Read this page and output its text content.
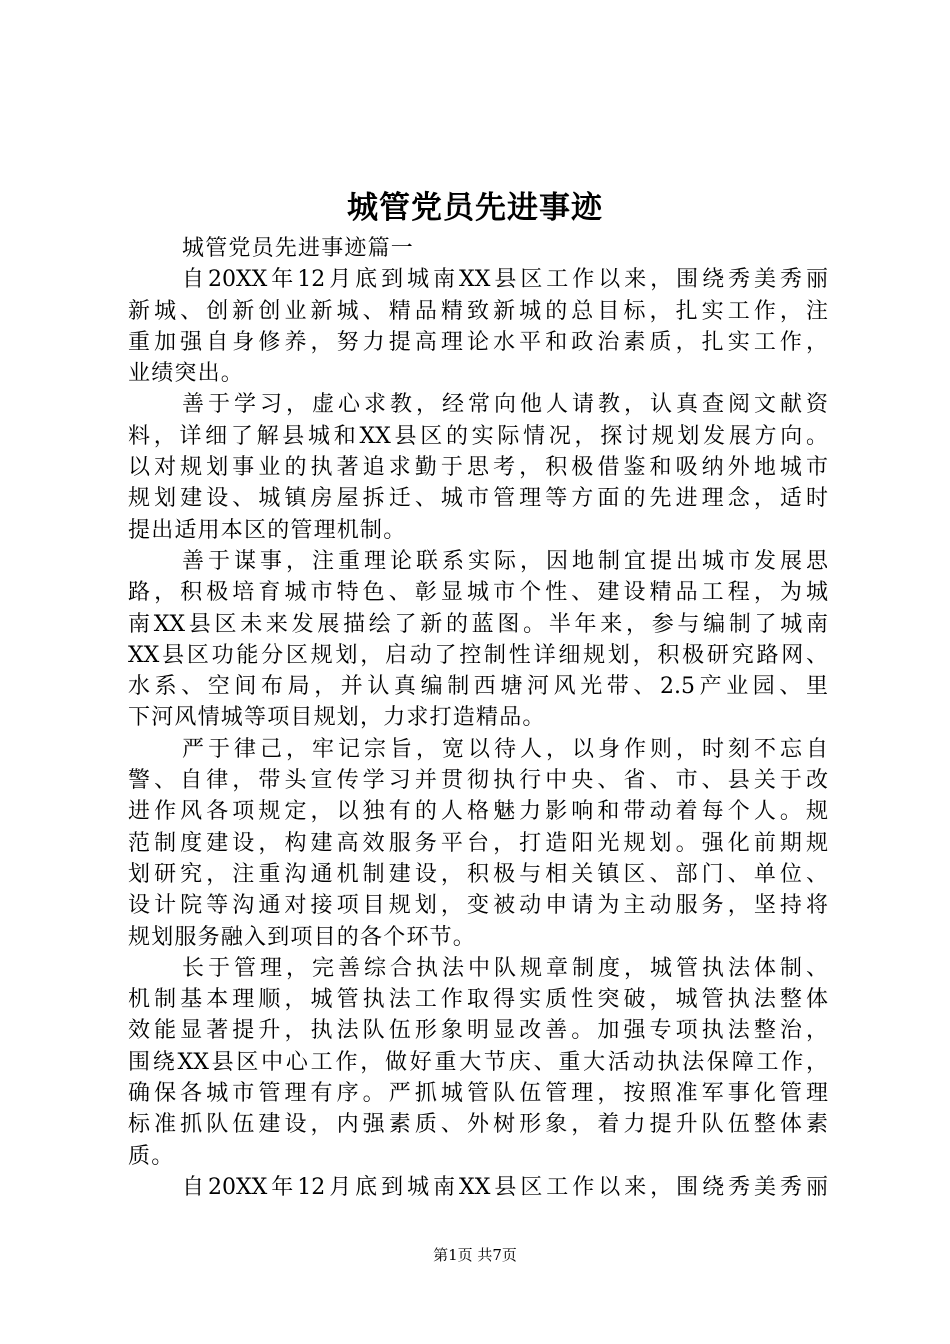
城管党员先进事迹
城管党员先进事迹篇一
自20XX年12月底到城南XX县区工作以来，围绕秀美秀丽
新城、创新创业新城、精品精致新城的总目标，扎实工作，注
重加强自身修养，努力提高理论水平和政治素质，扎实工作，
业绩突出。
善于学习，虚心求教，经常向他人请教，认真查阅文献资
料，详细了解县城和XX县区的实际情况，探讨规划发展方向。
以对规划事业的执著追求勤于思考，积极借鉴和吸纳外地城市
规划建设、城镇房屋拆迁、城市管理等方面的先进理念，适时
提出适用本区的管理机制。
善于谋事，注重理论联系实际，因地制宜提出城市发展思
路，积极培育城市特色、彰显城市个性、建设精品工程，为城
南XX县区未来发展描绘了新的蓝图。半年来，参与编制了城南
XX县区功能分区规划，启动了控制性详细规划，积极研究路网、
水系、空间布局，并认真编制西塘河风光带、2.5产业园、里
下河风情城等项目规划，力求打造精品。
严于律己，牢记宗旨，宽以待人，以身作则，时刻不忘自
警、自律，带头宣传学习并贯彻执行中央、省、市、县关于改
进作风各项规定，以独有的人格魅力影响和带动着每个人。规
范制度建设，构建高效服务平台，打造阳光规划。强化前期规
划研究，注重沟通机制建设，积极与相关镇区、部门、单位、
设计院等沟通对接项目规划，变被动申请为主动服务，坚持将
规划服务融入到项目的各个环节。
长于管理，完善综合执法中队规章制度，城管执法体制、
机制基本理顺，城管执法工作取得实质性突破，城管执法整体
效能显著提升，执法队伍形象明显改善。加强专项执法整治，
围绕XX县区中心工作，做好重大节庆、重大活动执法保障工作，
确保各城市管理有序。严抓城管队伍管理，按照准军事化管理
标准抓队伍建设，内强素质、外树形象，着力提升队伍整体素
质。
自20XX年12月底到城南XX县区工作以来，围绕秀美秀丽
第1页 共7页
